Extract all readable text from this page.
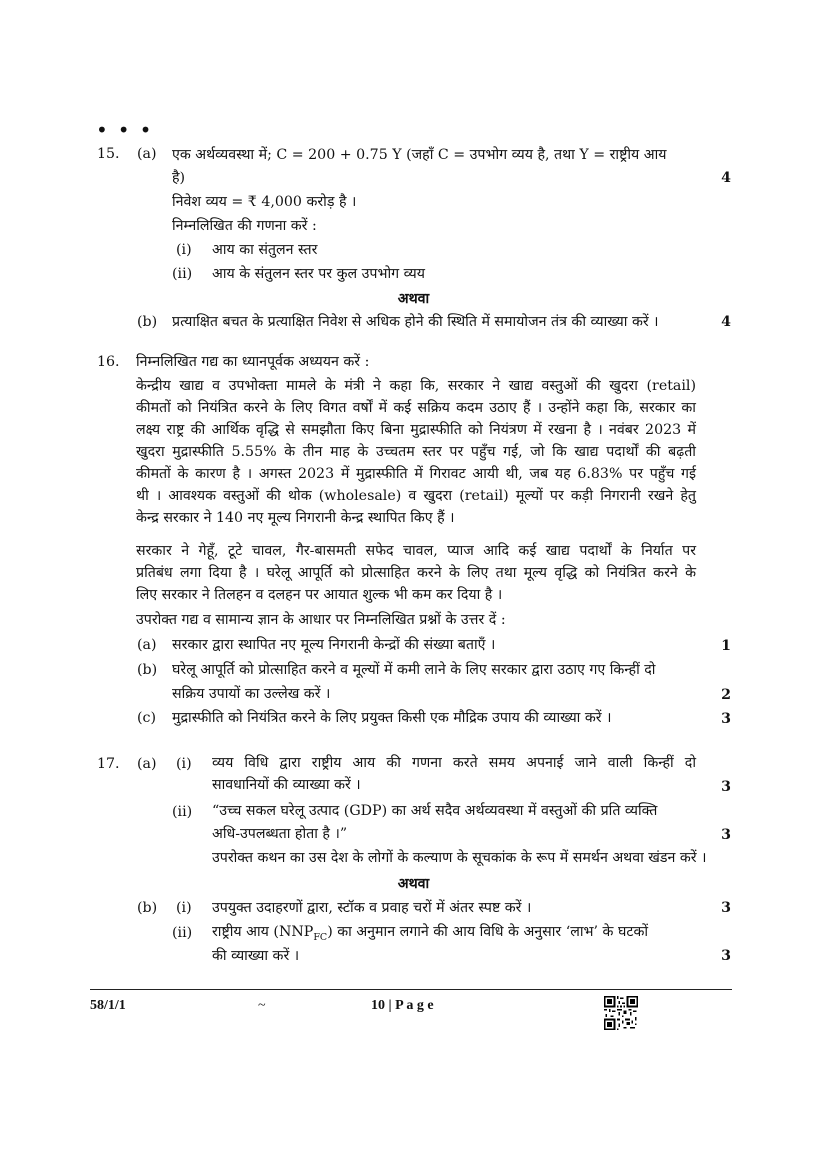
•••
15. (a) एक अर्थव्यवस्था में; C = 200 + 0.75 Y (जहाँ C = उपभोग व्यय है, तथा Y = राष्ट्रीय आय
है)	4
निवेश व्यय = ₹ 4,000 करोड़ है ।
निम्नलिखित की गणना करें :
(i) आय का संतुलन स्तर
(ii) आय के संतुलन स्तर पर कुल उपभोग व्यय
अथवा
(b) प्रत्याक्षित बचत के प्रत्याक्षित निवेश से अधिक होने की स्थिति में समायोजन तंत्र की व्याख्या करें ।	4
16. निम्नलिखित गद्य का ध्यानपूर्वक अध्ययन करें :
केन्द्रीय खाद्य व उपभोक्ता मामले के मंत्री ने कहा कि, सरकार ने खाद्य वस्तुओं की खुदरा (retail)
कीमतों को नियंत्रित करने के लिए विगत वर्षों में कई सक्रिय कदम उठाए हैं । उन्होंने कहा कि, सरकार का
लक्ष्य राष्ट्र की आर्थिक वृद्धि से समझौता किए बिना मुद्रास्फीति को नियंत्रण में रखना है । नवंबर 2023 में
खुदरा मुद्रास्फीति 5.55% के तीन माह के उच्चतम स्तर पर पहुँच गई, जो कि खाद्य पदार्थों की बढ़ती
कीमतों के कारण है । अगस्त 2023 में मुद्रास्फीति में गिरावट आयी थी, जब यह 6.83% पर पहुँच गई
थी । आवश्यक वस्तुओं की थोक (wholesale) व खुदरा (retail) मूल्यों पर कड़ी निगरानी रखने हेतु
केन्द्र सरकार ने 140 नए मूल्य निगरानी केन्द्र स्थापित किए हैं ।
सरकार ने गेहूँ, टूटे चावल, गैर-बासमती सफेद चावल, प्याज आदि कई खाद्य पदार्थों के निर्यात पर
प्रतिबंध लगा दिया है । घरेलू आपूर्ति को प्रोत्साहित करने के लिए तथा मूल्य वृद्धि को नियंत्रित करने के
लिए सरकार ने तिलहन व दलहन पर आयात शुल्क भी कम कर दिया है ।
उपरोक्त गद्य व सामान्य ज्ञान के आधार पर निम्नलिखित प्रश्नों के उत्तर दें :
(a) सरकार द्वारा स्थापित नए मूल्य निगरानी केन्द्रों की संख्या बताएँ ।	1
(b) घरेलू आपूर्ति को प्रोत्साहित करने व मूल्यों में कमी लाने के लिए सरकार द्वारा उठाए गए किन्हीं दो
सक्रिय उपायों का उल्लेख करें ।	2
(c) मुद्रास्फीति को नियंत्रित करने के लिए प्रयुक्त किसी एक मौद्रिक उपाय की व्याख्या करें ।	3
17. (a) (i) व्यय विधि द्वारा राष्ट्रीय आय की गणना करते समय अपनाई जाने वाली किन्हीं दो
सावधानियों की व्याख्या करें ।	3
(ii) “उच्च सकल घरेलू उत्पाद (GDP) का अर्थ सदैव अर्थव्यवस्था में वस्तुओं की प्रति व्यक्ति
अधि-उपलब्धता होता है ।”	3
उपरोक्त कथन का उस देश के लोगों के कल्याण के सूचकांक के रूप में समर्थन अथवा खंडन करें ।
अथवा
(b) (i) उपयुक्त उदाहरणों द्वारा, स्टॉक व प्रवाह चरों में अंतर स्पष्ट करें ।	3
(ii) राष्ट्रीय आय $(NNP_{FC})$ का अनुमान लगाने की आय विधि के अनुसार ‘लाभ’ के घटकों
की व्याख्या करें ।	3
58/1/1	~	10 | P a g e
